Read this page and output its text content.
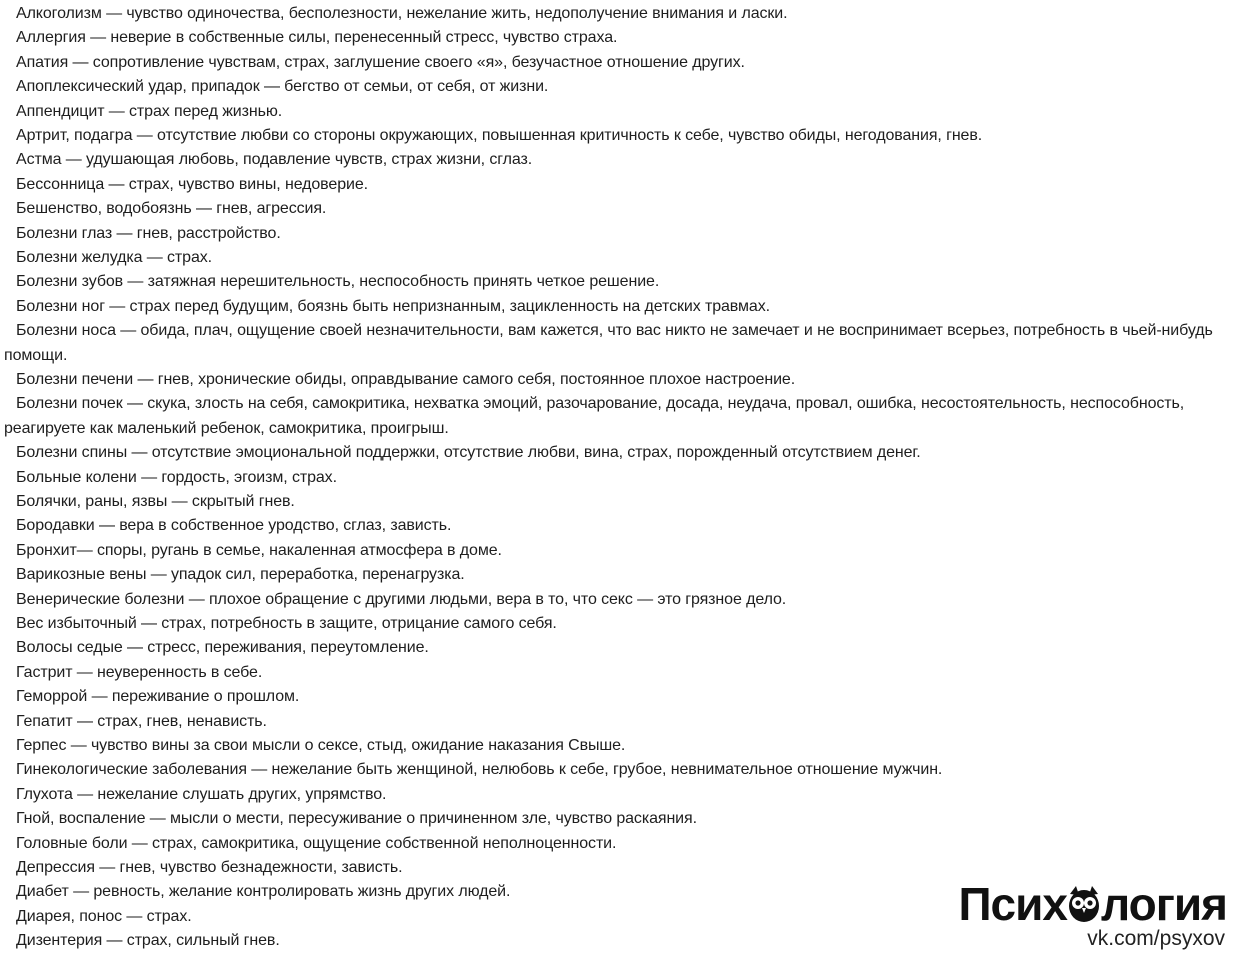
Алкоголизм — чувство одиночества, бесполезности, нежелание жить, недополучение внимания и ласки.
Аллергия — неверие в собственные силы, перенесенный стресс, чувство страха.
Апатия — сопротивление чувствам, страх, заглушение своего «я», безучастное отношение других.
Апоплексический удар, припадок — бегство от семьи, от себя, от жизни.
Аппендицит — страх перед жизнью.
Артрит, подагра — отсутствие любви со стороны окружающих, повышенная критичность к себе, чувство обиды, негодования, гнев.
Астма — удушающая любовь, подавление чувств, страх жизни, сглаз.
Бессонница — страх, чувство вины, недоверие.
Бешенство, водобоязнь — гнев, агрессия.
Болезни глаз — гнев, расстройство.
Болезни желудка — страх.
Болезни зубов — затяжная нерешительность, неспособность принять четкое решение.
Болезни ног — страх перед будущим, боязнь быть непризнанным, зацикленность на детских травмах.
Болезни носа — обида, плач, ощущение своей незначительности, вам кажется, что вас никто не замечает и не воспринимает всерьез, потребность в чьей-нибудь помощи.
Болезни печени — гнев, хронические обиды, оправдывание самого себя, постоянное плохое настроение.
Болезни почек — скука, злость на себя, самокритика, нехватка эмоций, разочарование, досада, неудача, провал, ошибка, несостоятельность, неспособность, реагируете как маленький ребенок, самокритика, проигрыш.
Болезни спины — отсутствие эмоциональной поддержки, отсутствие любви, вина, страх, порожденный отсутствием денег.
Больные колени — гордость, эгоизм, страх.
Болячки, раны, язвы — скрытый гнев.
Бородавки — вера в собственное уродство, сглаз, зависть.
Бронхит— споры, ругань в семье, накаленная атмосфера в доме.
Варикозные вены — упадок сил, переработка, перенагрузка.
Венерические болезни — плохое обращение с другими людьми, вера в то, что секс — это грязное дело.
Вес избыточный — страх, потребность в защите, отрицание самого себя.
Волосы седые — стресс, переживания, переутомление.
Гастрит — неуверенность в себе.
Геморрой — переживание о прошлом.
Гепатит — страх, гнев, ненависть.
Герпес — чувство вины за свои мысли о сексе, стыд, ожидание наказания Свыше.
Гинекологические заболевания — нежелание быть женщиной, нелюбовь к себе, грубое, невнимательное отношение мужчин.
Глухота — нежелание слушать других, упрямство.
Гной, воспаление — мысли о мести, пересуживание о причиненном зле, чувство раскаяния.
Головные боли — страх, самокритика, ощущение собственной неполноценности.
Депрессия — гнев, чувство безнадежности, зависть.
Диабет — ревность, желание контролировать жизнь других людей.
Диарея, понос — страх.
Дизентерия — страх, сильный гнев.
Псих логия
vk.com/psyxov
